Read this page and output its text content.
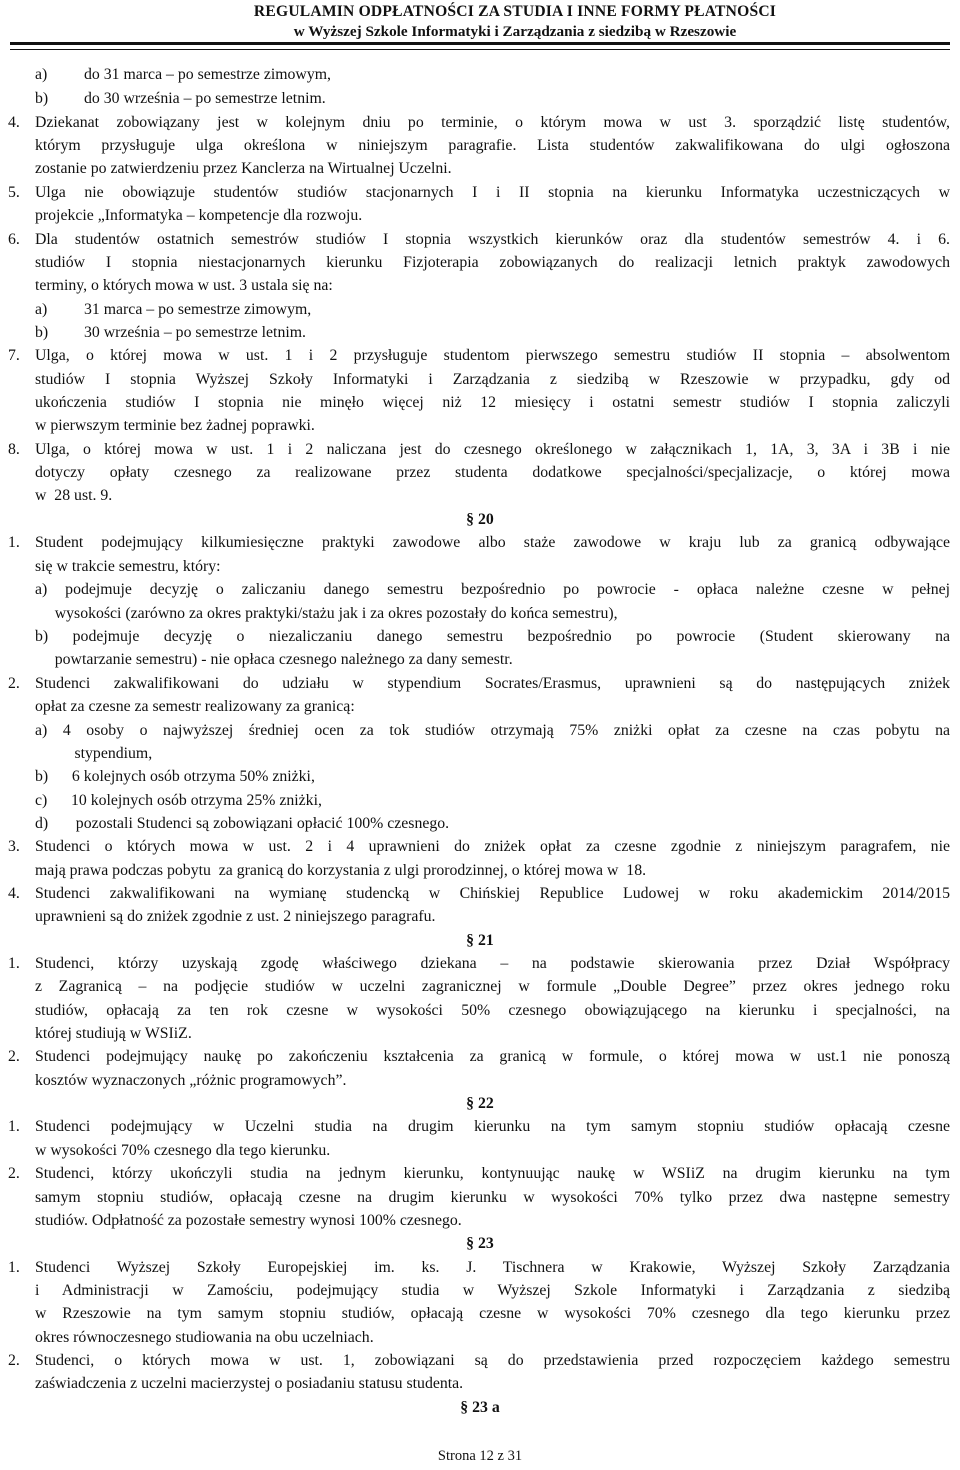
REGULAMIN ODPŁATNOŚCI ZA STUDIA I INNE FORMY PŁATNOŚCI
w Wyższej Szkole Informatyki i Zarządzania z siedzibą w Rzeszowie
a) do 31 marca – po semestrze zimowym,
b) do 30 września – po semestrze letnim.
4. Dziekanat zobowiązany jest w kolejnym dniu po terminie, o którym mowa w ust 3. sporządzić listę studentów,
którym przysługuje ulga określona w niniejszym paragrafie. Lista studentów zakwalifikowana do ulgi ogłoszona
zostanie po zatwierdzeniu przez Kanclerza na Wirtualnej Uczelni.
5. Ulga nie obowiązuje studentów studiów stacjonarnych I i II stopnia na kierunku Informatyka uczestniczących w
projekcie „Informatyka – kompetencje dla rozwoju.
6. Dla studentów ostatnich semestrów studiów I stopnia wszystkich kierunków oraz dla studentów semestrów 4. i 6.
studiów I stopnia niestacjonarnych kierunku Fizjoterapia zobowiązanych do realizacji letnich praktyk zawodowych
terminy, o których mowa w ust. 3 ustala się na:
a) 31 marca – po semestrze zimowym,
b) 30 września – po semestrze letnim.
7. Ulga, o której mowa w ust. 1 i 2 przysługuje studentom pierwszego semestru studiów II stopnia – absolwentom
studiów I stopnia Wyższej Szkoły Informatyki i Zarządzania z siedzibą w Rzeszowie w przypadku, gdy od
ukończenia studiów I stopnia nie minęło więcej niż 12 miesięcy i ostatni semestr studiów I stopnia zaliczyli
w pierwszym terminie bez żadnej poprawki.
8. Ulga, o której mowa w ust. 1 i 2 naliczana jest do czesnego określonego w załącznikach 1, 1A, 3, 3A i 3B i nie
dotyczy opłaty czesnego za realizowane przez studenta dodatkowe specjalności/specjalizacje, o której mowa
w  28 ust. 9.
§ 20
1. Student podejmujący kilkumiesięczne praktyki zawodowe albo staże zawodowe w kraju lub za granicą odbywające
się w trakcie semestru, który:
a) podejmuje decyzję o zaliczaniu danego semestru bezpośrednio po powrocie - opłaca należne czesne w pełnej
wysokości (zarówno za okres praktyki/stażu jak i za okres pozostały do końca semestru),
b) podejmuje decyzję o niezaliczaniu danego semestru bezpośrednio po powrocie (Student skierowany na
powtarzanie semestru) - nie opłaca czesnego należnego za dany semestr.
2. Studenci zakwalifikowani do udziału w stypendium Socrates/Erasmus, uprawnieni są do następujących zniżek
opłat za czesne za semestr realizowany za granicą:
a) 4 osoby o najwyższej średniej ocen za tok studiów otrzymają 75% zniżki opłat za czesne na czas pobytu na
stypendium,
b)      6 kolejnych osób otrzyma 50% zniżki,
c)      10 kolejnych osób otrzyma 25% zniżki,
d)       pozostali Studenci są zobowiązani opłacić 100% czesnego.
3. Studenci o których mowa w ust. 2 i 4 uprawnieni do zniżek opłat za czesne zgodnie z niniejszym paragrafem, nie
mają prawa podczas pobytu  za granicą do korzystania z ulgi prorodzinnej, o której mowa w  18.
4. Studenci zakwalifikowani na wymianę studencką w Chińskiej Republice Ludowej w roku akademickim 2014/2015
uprawnieni są do zniżek zgodnie z ust. 2 niniejszego paragrafu.
§ 21
1. Studenci, którzy uzyskają zgodę właściwego dziekana – na podstawie skierowania przez Dział Współpracy
z Zagranicą – na podjęcie studiów w uczelni zagranicznej w formule „Double Degree” przez okres jednego roku
studiów, opłacają za ten rok czesne w wysokości 50% czesnego obowiązującego na kierunku i specjalności, na
której studiują w WSIiZ.
2. Studenci podejmujący naukę po zakończeniu kształcenia za granicą w formule, o której mowa w ust.1 nie ponoszą
kosztów wyznaczonych „różnic programowych”.
§ 22
1. Studenci podejmujący w Uczelni studia na drugim kierunku na tym samym stopniu studiów opłacają czesne
w wysokości 70% czesnego dla tego kierunku.
2. Studenci, którzy ukończyli studia na jednym kierunku, kontynuując naukę w WSIiZ na drugim kierunku na tym
samym stopniu studiów, opłacają czesne na drugim kierunku w wysokości 70% tylko przez dwa następne semestry
studiów. Odpłatność za pozostałe semestry wynosi 100% czesnego.
§ 23
1. Studenci Wyższej Szkoły Europejskiej im. ks. J. Tischnera w Krakowie, Wyższej Szkoły Zarządzania
i Administracji w Zamościu, podejmujący studia w Wyższej Szkole Informatyki i Zarządzania z siedzibą
w Rzeszowie na tym samym stopniu studiów, opłacają czesne w wysokości 70% czesnego dla tego kierunku przez
okres równoczesnego studiowania na obu uczelniach.
2. Studenci, o których mowa w ust. 1, zobowiązani są do przedstawienia przed rozpoczęciem każdego semestru
zaświadczenia z uczelni macierzystej o posiadaniu statusu studenta.
§ 23 a
Strona 12 z 31
